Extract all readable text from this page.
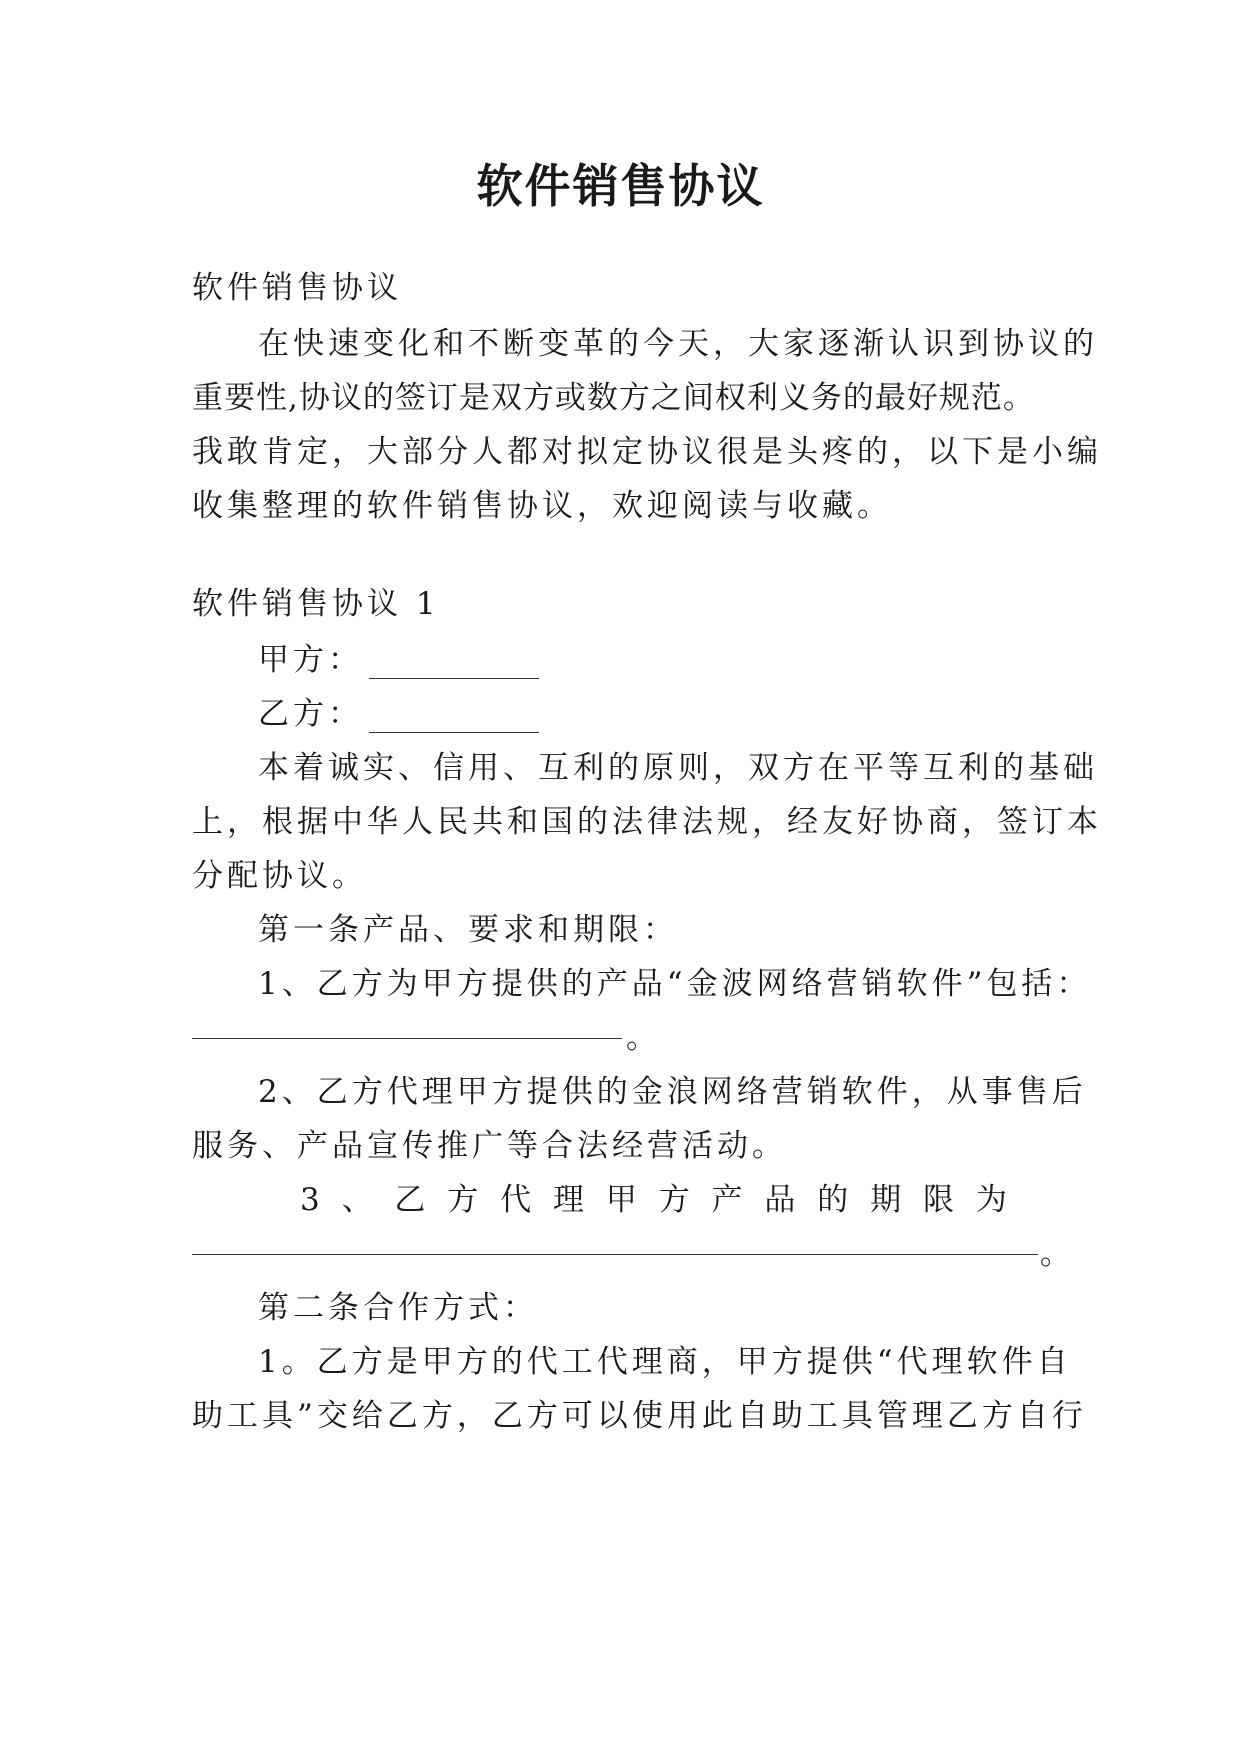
软件销售协议
软件销售协议
在快速变化和不断变革的今天，大家逐渐认识到协议的
重要性,协议的签订是双方或数方之间权利义务的最好规范。
我敢肯定，大部分人都对拟定协议很是头疼的，以下是小编
收集整理的软件销售协议，欢迎阅读与收藏。
软件销售协议 1
甲方：
乙方：
本着诚实、信用、互利的原则，双方在平等互利的基础
上，根据中华人民共和国的法律法规，经友好协商，签订本
分配协议。
第一条产品、要求和期限：
1、乙方为甲方提供的产品“金波网络营销软件”包括：
。
2、乙方代理甲方提供的金浪网络营销软件，从事售后
服务、产品宣传推广等合法经营活动。
3 、 乙 方 代 理 甲 方 产 品 的 期 限 为
。
第二条合作方式：
1。乙方是甲方的代工代理商，甲方提供“代理软件自
助工具”交给乙方，乙方可以使用此自助工具管理乙方自行
